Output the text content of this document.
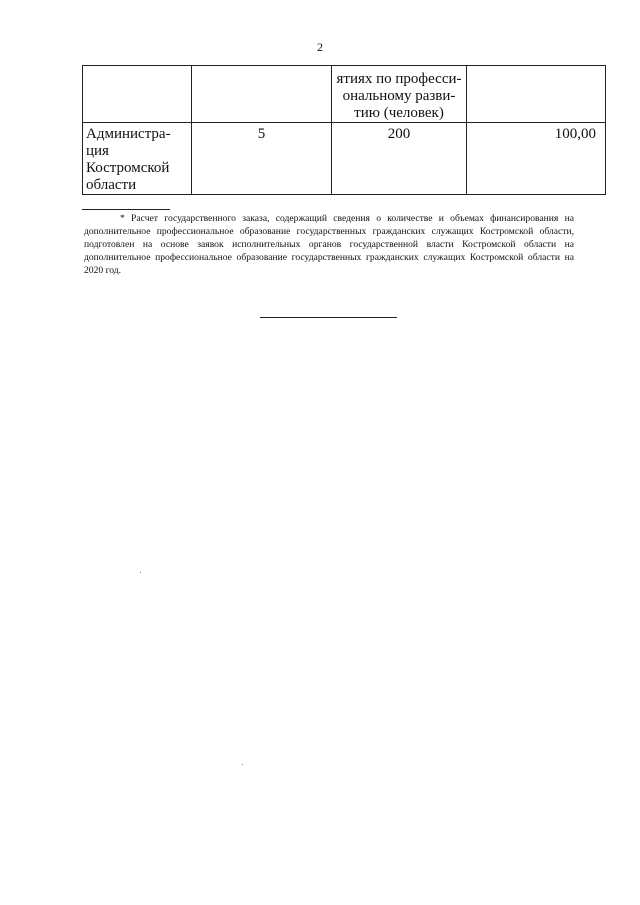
2

		ятиях по професси-
ональному разви-
тию (человек)	

Администра-
ция
Костромской
области	5	200	100,00
* Расчет государственного заказа, содержащий сведения о количестве и объемах финансирования на дополнительное профессиональное образование государственных гражданских служащих Костромской области, подготовлен на основе заявок исполнительных органов государственной власти Костромской области на дополнительное профессиональное образование государственных гражданских служащих Костромской области на 2020 год.
